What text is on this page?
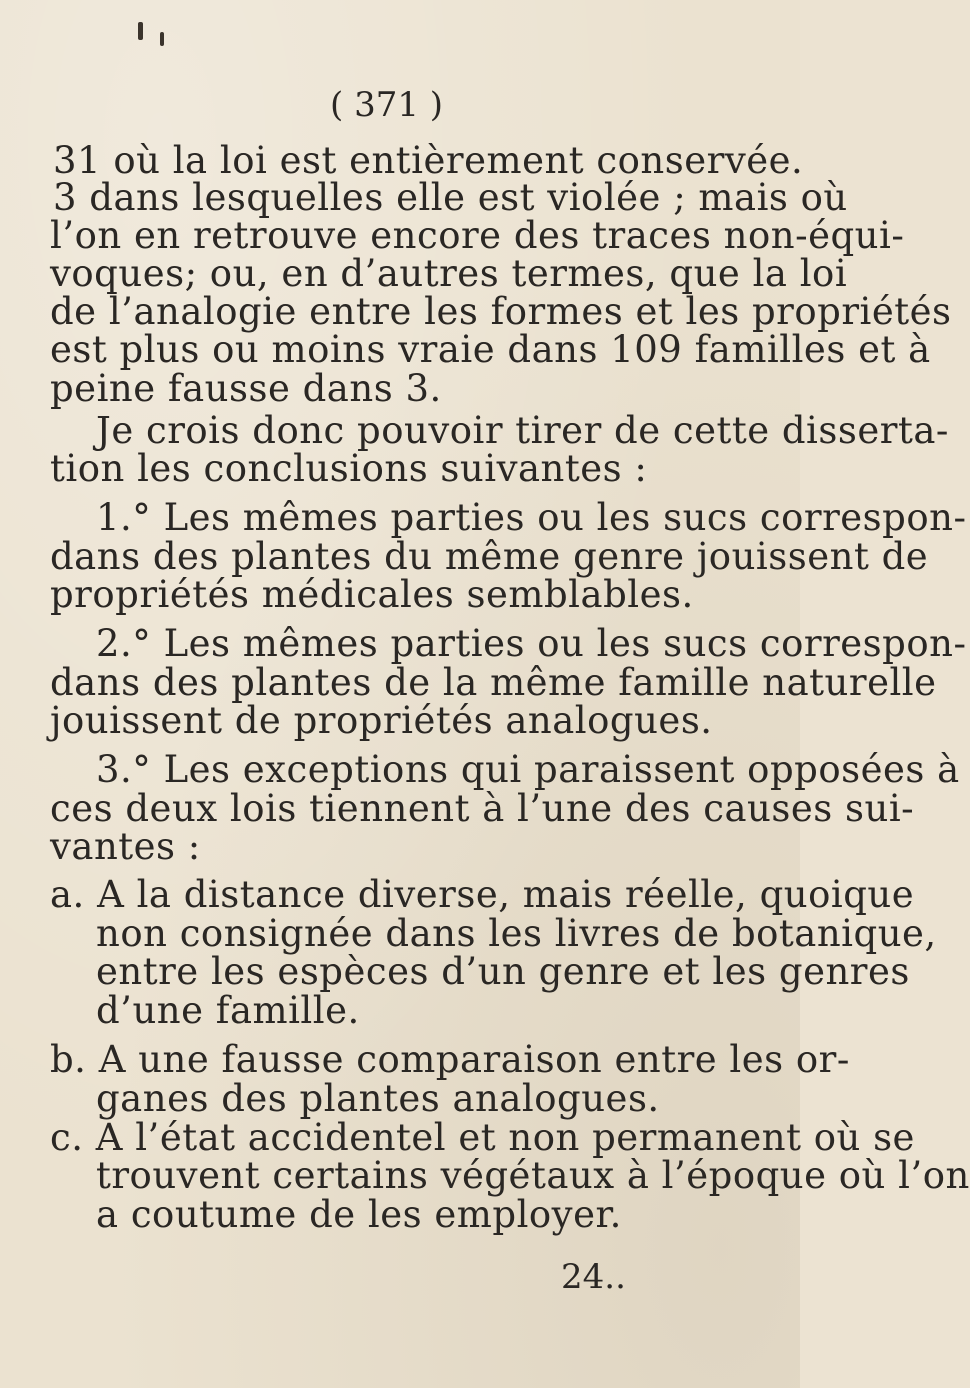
( 371 )
31 où la loi est entièrement conservée.
3 dans lesquelles elle est violée ; mais où
l’on en retrouve encore des traces non-équi-
voques; ou, en d’autres termes, que la loi
de l’analogie entre les formes et les propriétés
est plus ou moins vraie dans 109 familles et à
peine fausse dans 3.
Je crois donc pouvoir tirer de cette disserta-
tion les conclusions suivantes :
1.° Les mêmes parties ou les sucs correspon-
dans des plantes du même genre jouissent de
propriétés médicales semblables.
2.° Les mêmes parties ou les sucs correspon-
dans des plantes de la même famille naturelle
jouissent de propriétés analogues.
3.° Les exceptions qui paraissent opposées à
ces deux lois tiennent à l’une des causes sui-
vantes :
a. A la distance diverse, mais réelle, quoique
non consignée dans les livres de botanique,
entre les espèces d’un genre et les genres
d’une famille.
b. A une fausse comparaison entre les or-
ganes des plantes analogues.
c. A l’état accidentel et non permanent où se
trouvent certains végétaux à l’époque où l’on
a coutume de les employer.
24..
